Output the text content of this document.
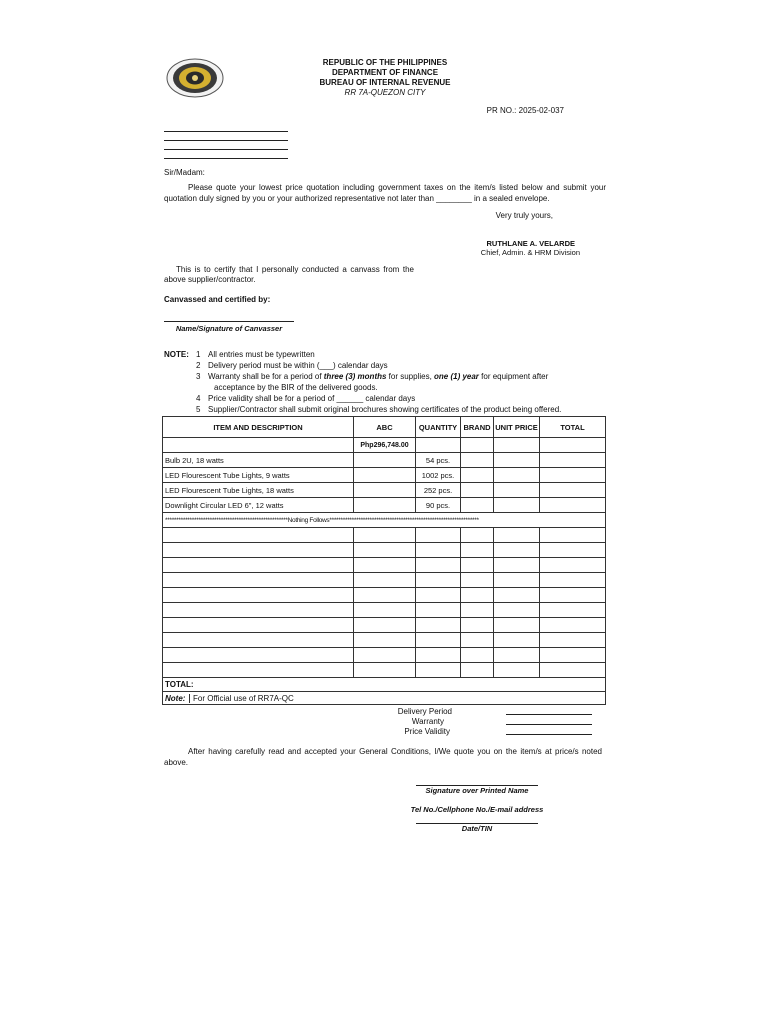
REPUBLIC OF THE PHILIPPINES
DEPARTMENT OF FINANCE
BUREAU OF INTERNAL REVENUE
RR 7A-QUEZON CITY
PR NO.: 2025-02-037
Sir/Madam:
Please quote your lowest price quotation including government taxes on the item/s listed below and submit your
quotation duly signed by you or your authorized representative not later than ________ in a sealed envelope.
Very truly yours,
RUTHLANE A. VELARDE
Chief, Admin. & HRM Division
This is to certify that I personally conducted a canvass from the
above supplier/contractor.
Canvassed and certified by:
Name/Signature of Canvasser
NOTE: 1 All entries must be typewritten
2 Delivery period must be within (___) calendar days
3 Warranty shall be for a period of three (3) months for supplies, one (1) year for equipment after
acceptance by the BIR of the delivered goods.
4 Price validity shall be for a period of ______ calendar days
5 Supplier/Contractor shall submit original brochures showing certificates of the product being offered.
ITEM AND DESCRIPTION	ABC	QUANTITY	BRAND	UNIT PRICE	TOTAL
	Php296,748.00				
Bulb 2U, 18 watts		54 pcs.			
LED Flourescent Tube Lights, 9 watts		1002 pcs.			
LED Flourescent Tube Lights, 18 watts		252 pcs.			
Downlight Circular LED 6", 12 watts		90 pcs.			
*******************************************************Nothing Follows*******************************************************************					

TOTAL:					
Note: For Official use of RR7A-QC					
Delivery Period
Warranty
Price Validity
After having carefully read and accepted your General Conditions, I/We quote you on the item/s at price/s noted
above.
Signature over Printed Name
Tel No./Cellphone No./E-mail address
Date/TIN
